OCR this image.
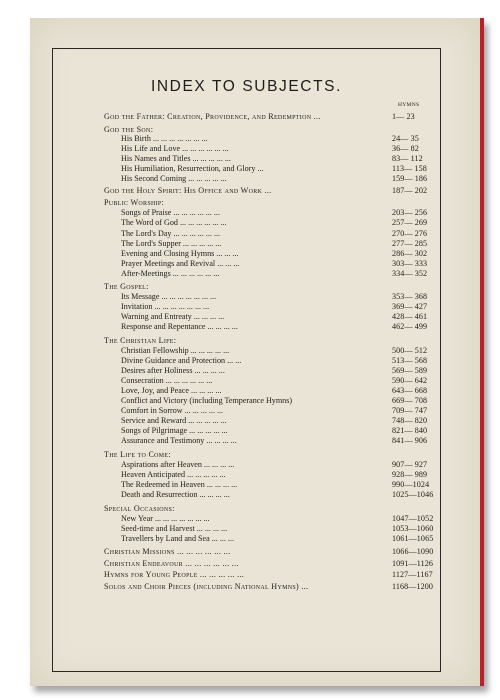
INDEX TO SUBJECTS.
HYMNS
God the Father: Creation, Providence, and Redemption ...	1— 23
God the Son:
His Birth ... ... ... ... ... ... ...	24— 35
His Life and Love ... ... ... ... ... ...	36— 82
His Names and Titles ... ... ... ... ...	83— 112
His Humiliation, Resurrection, and Glory ...	113— 158
His Second Coming ... ... ... ... ...	159— 186
God the Holy Spirit: His Office and Work ...	187— 202
Public Worship:
Songs of Praise ... ... ... ... ... ...	203— 256
The Word of God ... ... ... ... ... ...	257— 269
The Lord's Day ... ... ... ... ... ...	270— 276
The Lord's Supper ... ... ... ... ...	277— 285
Evening and Closing Hymns ... ... ...	286— 302
Prayer Meetings and Revival ... ... ...	303— 333
After-Meetings ... ... ... ... ... ...	334— 352
The Gospel:
Its Message ... ... ... ... ... ... ...	353— 368
Invitation ... ... ... ... ... ... ...	369— 427
Warning and Entreaty ... ... ... ...	428— 461
Response and Repentance ... ... ... ...	462— 499
The Christian Life:
Christian Fellowship ... ... ... ... ...	500— 512
Divine Guidance and Protection ... ...	513— 568
Desires after Holiness ... ... ... ...	569— 589
Consecration ... ... ... ... ... ...	590— 642
Love, Joy, and Peace ... ... ... ...	643— 668
Conflict and Victory (including Temperance Hymns)	669— 708
Comfort in Sorrow ... ... ... ... ...	709— 747
Service and Reward ... ... ... ... ...	748— 820
Songs of Pilgrimage ... ... ... ... ...	821— 840
Assurance and Testimony ... ... ... ...	841— 906
The Life to Come:
Aspirations after Heaven ... ... ... ...	907— 927
Heaven Anticipated ... ... ... ... ...	928— 989
The Redeemed in Heaven ... ... ... ...	990—1024
Death and Resurrection ... ... ... ...	1025—1046
Special Occasions:
New Year ... ... ... ... ... ... ...	1047—1052
Seed-time and Harvest ... ... ... ...	1053—1060
Travellers by Land and Sea ... ... ...	1061—1065
Christian Missions ... ... ... ... ... ...	1066—1090
Christian Endeavour ... ... ... ... ... ...	1091—1126
Hymns for Young People ... ... ... ... ...	1127—1167
Solos and Choir Pieces (including National Hymns) ...	1168—1200
